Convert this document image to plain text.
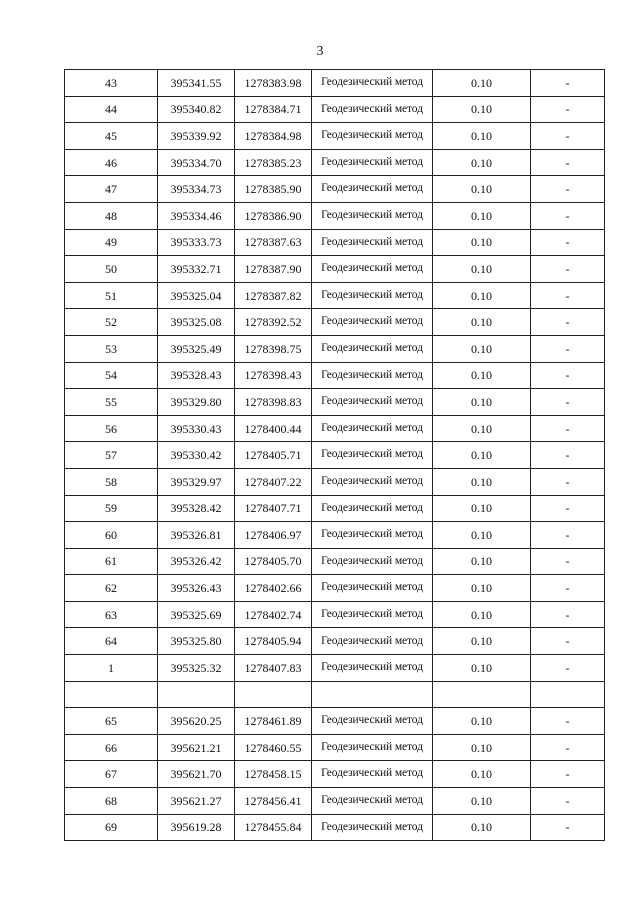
3
43	395341.55	1278383.98	Геодезический метод	0.10	-
44	395340.82	1278384.71	Геодезический метод	0.10	-
45	395339.92	1278384.98	Геодезический метод	0.10	-
46	395334.70	1278385.23	Геодезический метод	0.10	-
47	395334.73	1278385.90	Геодезический метод	0.10	-
48	395334.46	1278386.90	Геодезический метод	0.10	-
49	395333.73	1278387.63	Геодезический метод	0.10	-
50	395332.71	1278387.90	Геодезический метод	0.10	-
51	395325.04	1278387.82	Геодезический метод	0.10	-
52	395325.08	1278392.52	Геодезический метод	0.10	-
53	395325.49	1278398.75	Геодезический метод	0.10	-
54	395328.43	1278398.43	Геодезический метод	0.10	-
55	395329.80	1278398.83	Геодезический метод	0.10	-
56	395330.43	1278400.44	Геодезический метод	0.10	-
57	395330.42	1278405.71	Геодезический метод	0.10	-
58	395329.97	1278407.22	Геодезический метод	0.10	-
59	395328.42	1278407.71	Геодезический метод	0.10	-
60	395326.81	1278406.97	Геодезический метод	0.10	-
61	395326.42	1278405.70	Геодезический метод	0.10	-
62	395326.43	1278402.66	Геодезический метод	0.10	-
63	395325.69	1278402.74	Геодезический метод	0.10	-
64	395325.80	1278405.94	Геодезический метод	0.10	-
1	395325.32	1278407.83	Геодезический метод	0.10	-

65	395620.25	1278461.89	Геодезический метод	0.10	-
66	395621.21	1278460.55	Геодезический метод	0.10	-
67	395621.70	1278458.15	Геодезический метод	0.10	-
68	395621.27	1278456.41	Геодезический метод	0.10	-
69	395619.28	1278455.84	Геодезический метод	0.10	-
